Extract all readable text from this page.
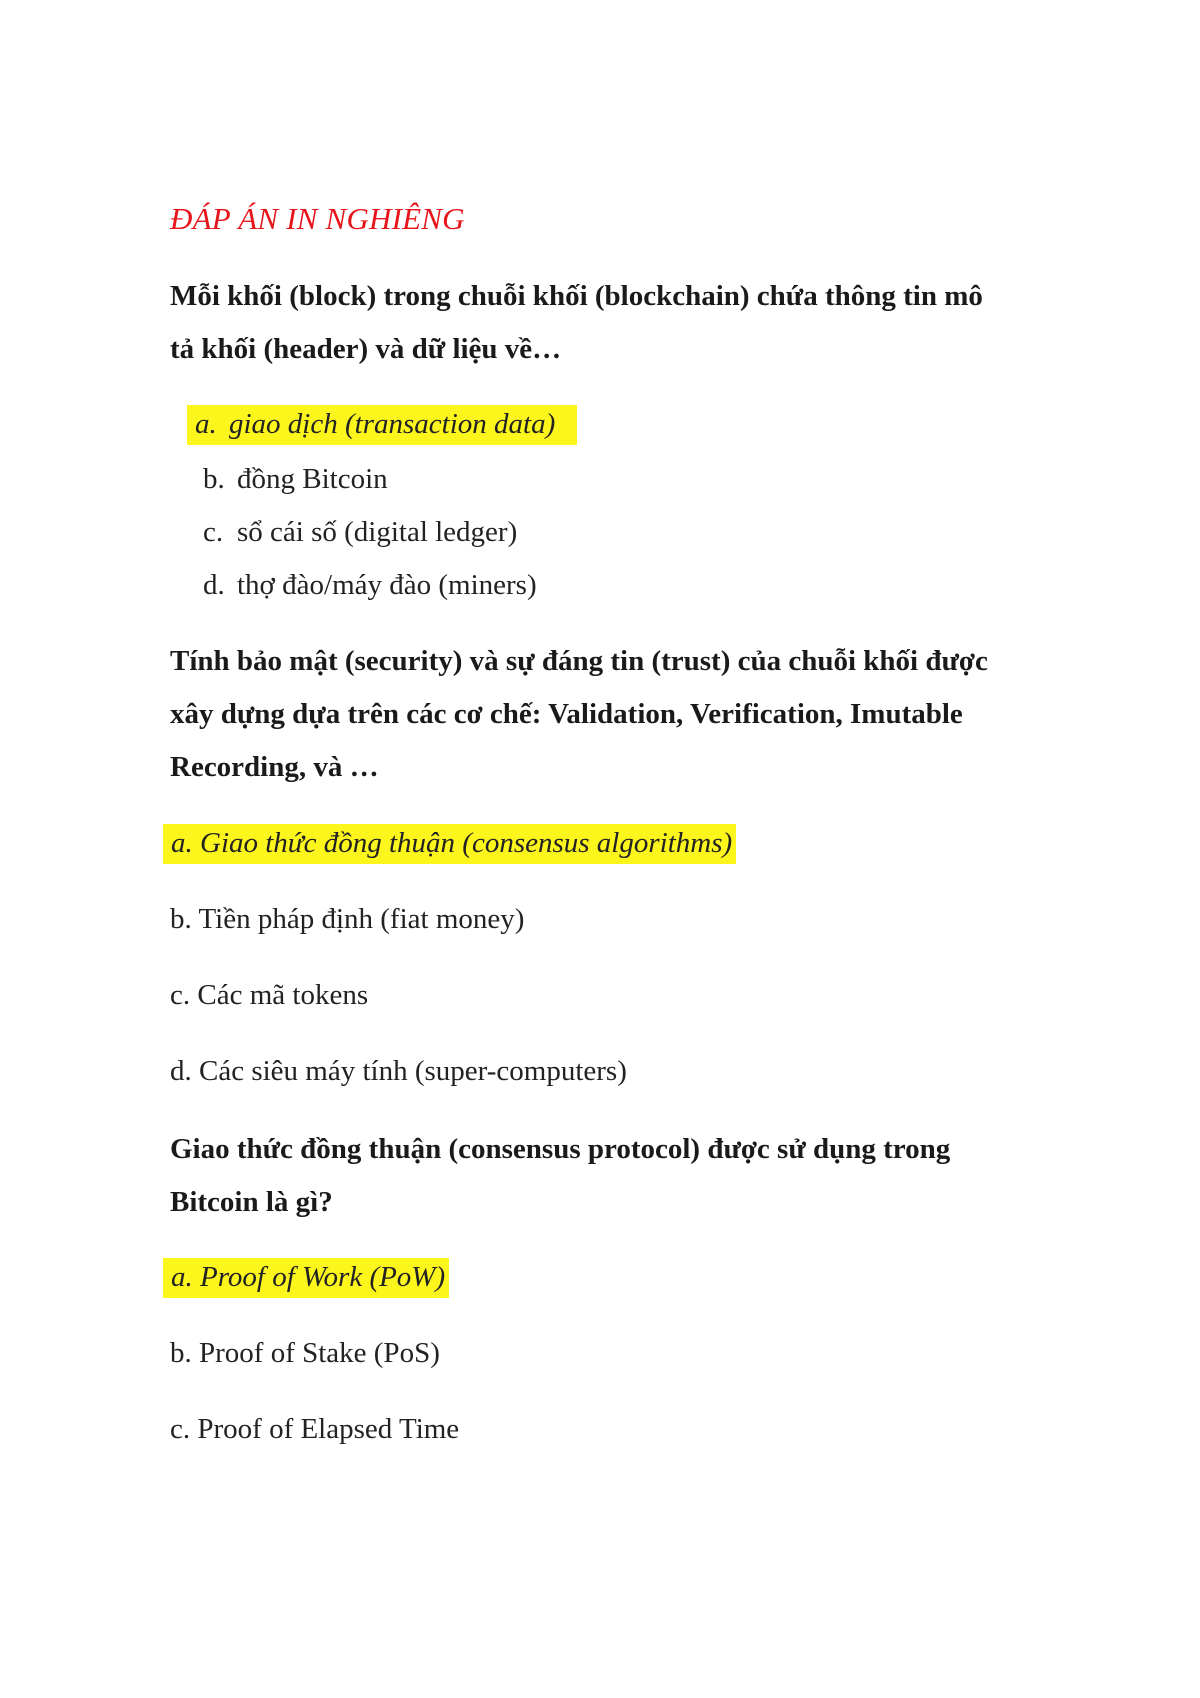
ĐÁP ÁN IN NGHIÊNG
Mỗi khối (block) trong chuỗi khối (blockchain) chứa thông tin mô
tả khối (header) và dữ liệu về…
a. giao dịch (transaction data)
b. đồng Bitcoin
c. sổ cái số (digital ledger)
d. thợ đào/máy đào (miners)
Tính bảo mật (security) và sự đáng tin (trust) của chuỗi khối được
xây dựng dựa trên các cơ chế: Validation, Verification, Imutable
Recording, và …
a. Giao thức đồng thuận (consensus algorithms)
b. Tiền pháp định (fiat money)
c. Các mã tokens
d. Các siêu máy tính (super-computers)
Giao thức đồng thuận (consensus protocol) được sử dụng trong
Bitcoin là gì?
a. Proof of Work (PoW)
b. Proof of Stake (PoS)
c. Proof of Elapsed Time
